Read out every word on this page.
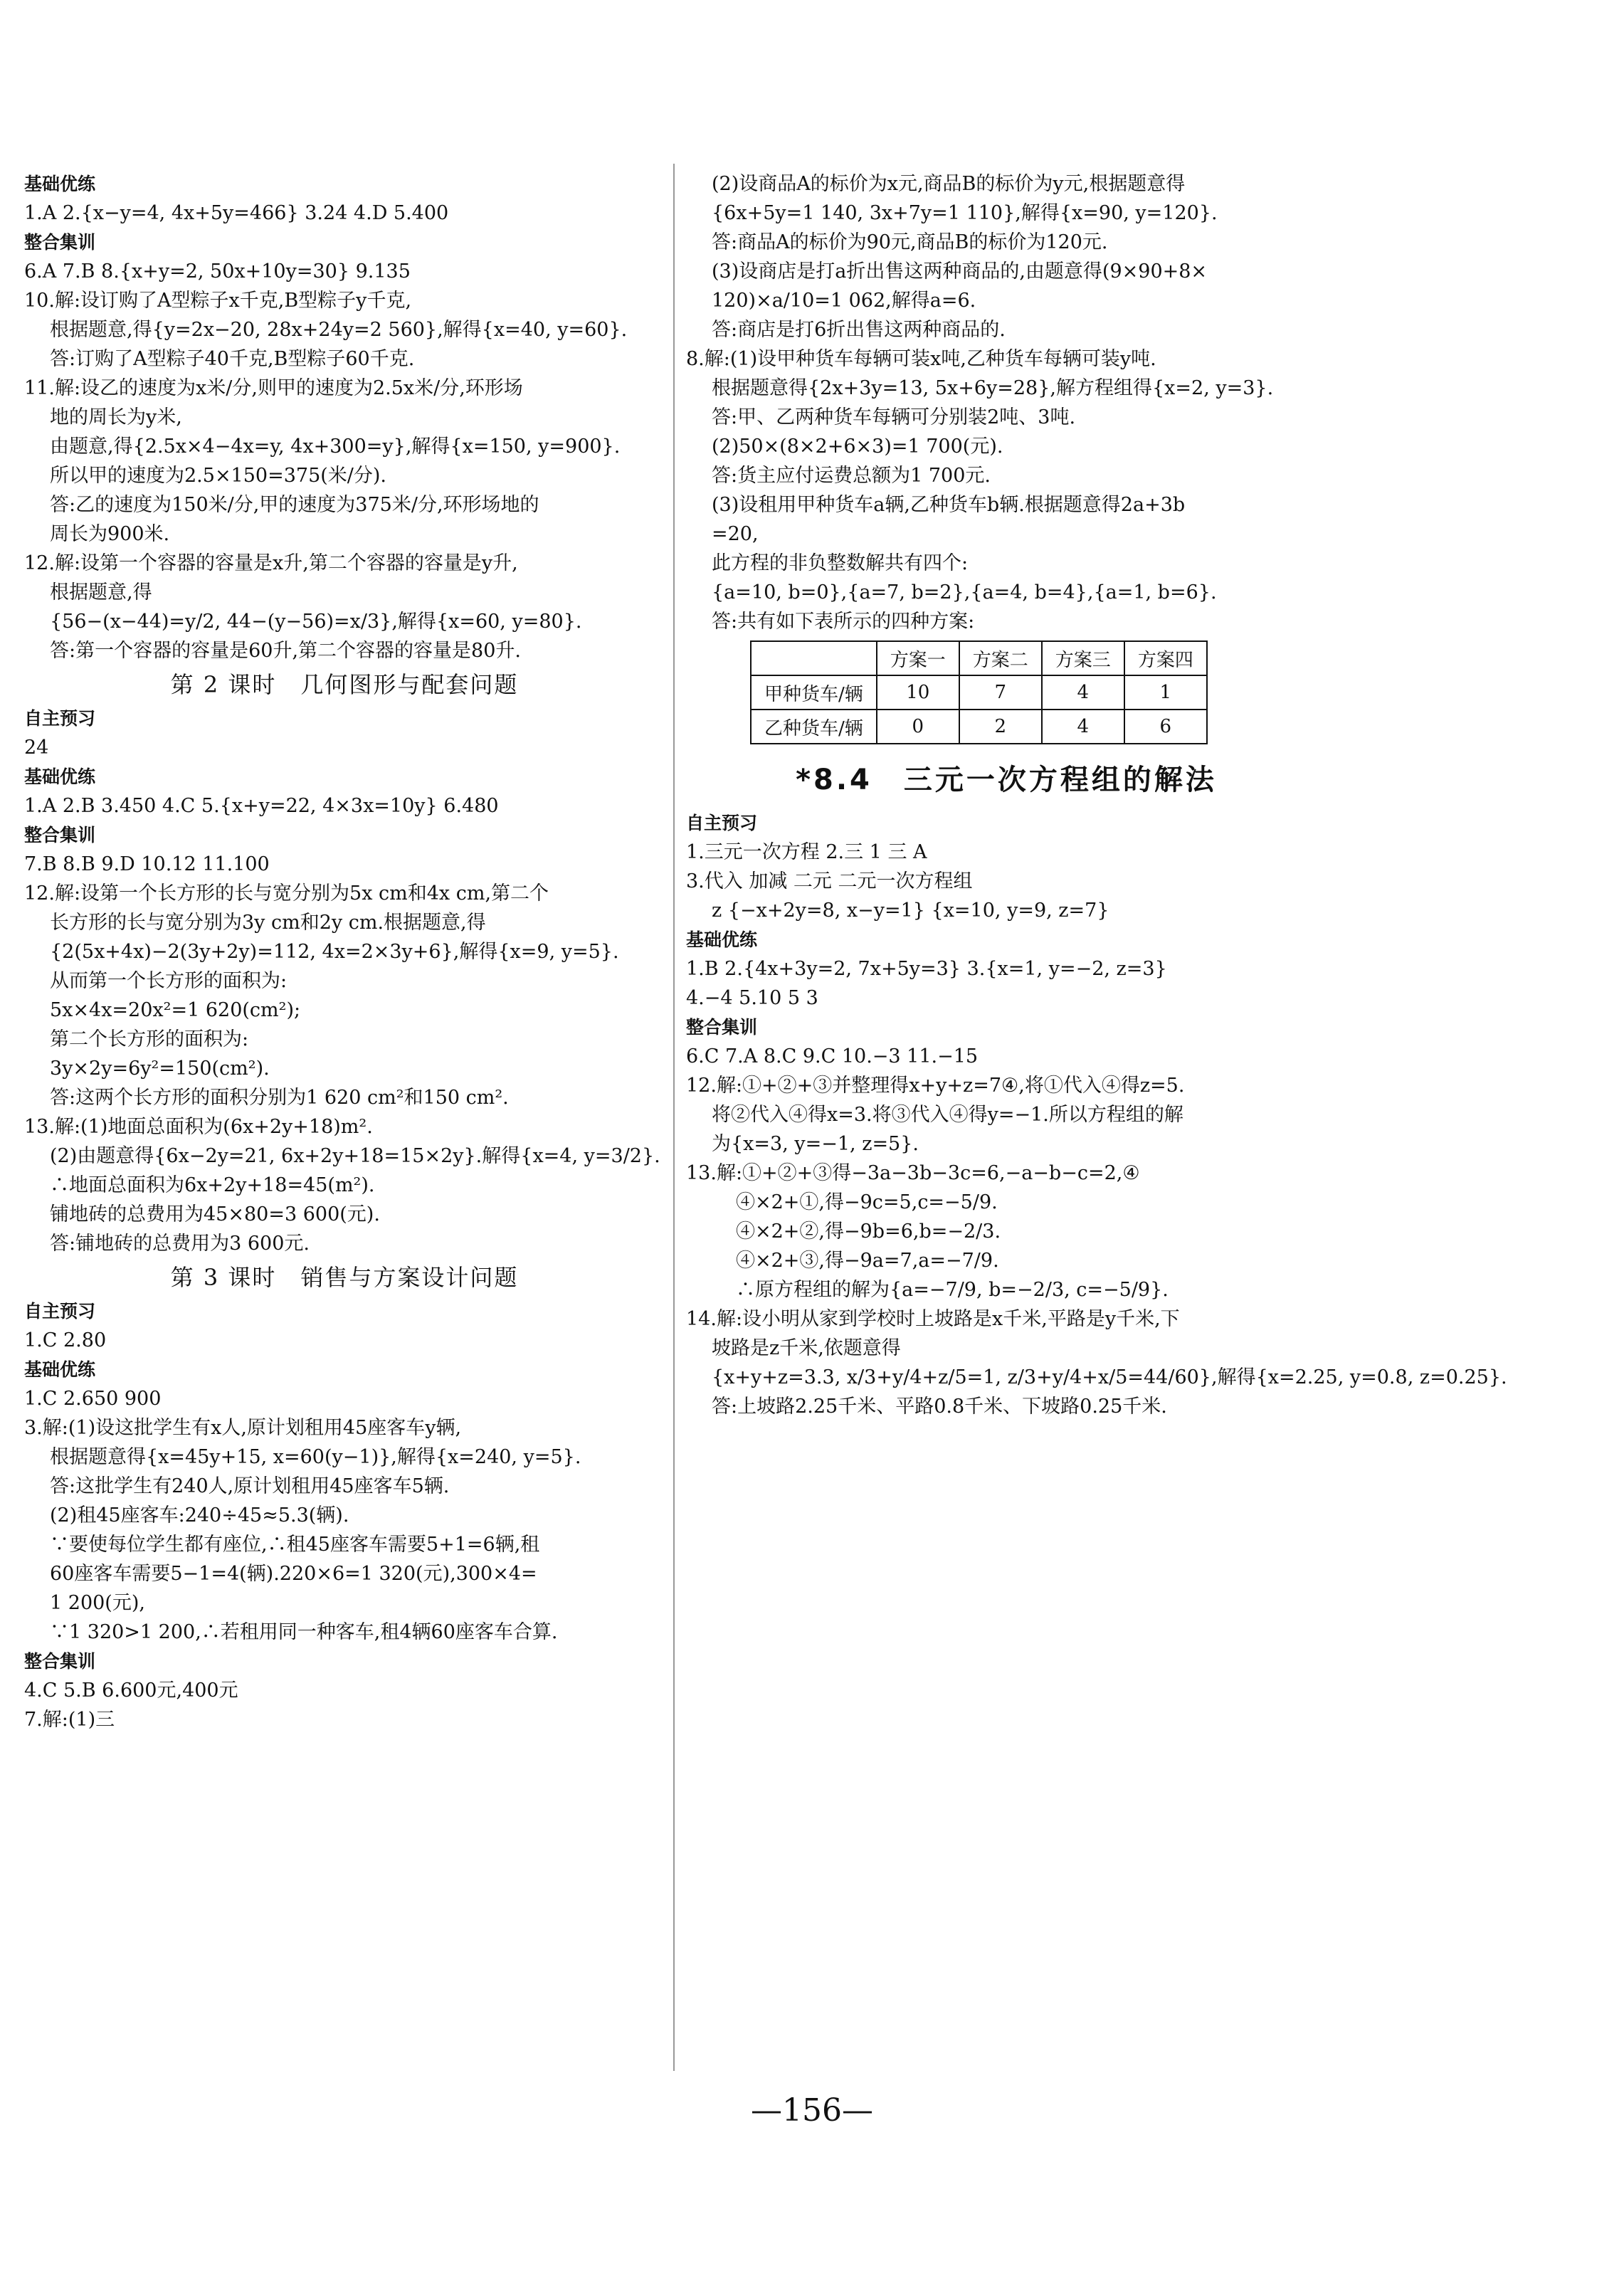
基础优练
1.A 2.{x−y=4, 4x+5y=466} 3.24 4.D 5.400
整合集训
6.A 7.B 8.{x+y=2, 50x+10y=30} 9.135
10.解:设订购了A型粽子x千克,B型粽子y千克,
根据题意,得{y=2x−20, 28x+24y=2 560},解得{x=40, y=60}.
答:订购了A型粽子40千克,B型粽子60千克.
11.解:设乙的速度为x米/分,则甲的速度为2.5x米/分,环形场
地的周长为y米,
由题意,得{2.5x×4−4x=y, 4x+300=y},解得{x=150, y=900}.
所以甲的速度为2.5×150=375(米/分).
答:乙的速度为150米/分,甲的速度为375米/分,环形场地的
周长为900米.
12.解:设第一个容器的容量是x升,第二个容器的容量是y升,
根据题意,得
{56−(x−44)=y/2, 44−(y−56)=x/3},解得{x=60, y=80}.
答:第一个容器的容量是60升,第二个容器的容量是80升.
第 2 课时　几何图形与配套问题
自主预习
24
基础优练
1.A 2.B 3.450 4.C 5.{x+y=22, 4×3x=10y} 6.480
整合集训
7.B 8.B 9.D 10.12 11.100
12.解:设第一个长方形的长与宽分别为5x cm和4x cm,第二个
长方形的长与宽分别为3y cm和2y cm.根据题意,得
{2(5x+4x)−2(3y+2y)=112, 4x=2×3y+6},解得{x=9, y=5}.
从而第一个长方形的面积为:
5x×4x=20x²=1 620(cm²);
第二个长方形的面积为:
3y×2y=6y²=150(cm²).
答:这两个长方形的面积分别为1 620 cm²和150 cm².
13.解:(1)地面总面积为(6x+2y+18)m².
(2)由题意得{6x−2y=21, 6x+2y+18=15×2y}.解得{x=4, y=3/2}.
∴地面总面积为6x+2y+18=45(m²).
铺地砖的总费用为45×80=3 600(元).
答:铺地砖的总费用为3 600元.
第 3 课时　销售与方案设计问题
自主预习
1.C 2.80
基础优练
1.C 2.650 900
3.解:(1)设这批学生有x人,原计划租用45座客车y辆,
根据题意得{x=45y+15, x=60(y−1)},解得{x=240, y=5}.
答:这批学生有240人,原计划租用45座客车5辆.
(2)租45座客车:240÷45≈5.3(辆).
∵要使每位学生都有座位,∴租45座客车需要5+1=6辆,租
60座客车需要5−1=4(辆).220×6=1 320(元),300×4=
1 200(元),
∵1 320>1 200,∴若租用同一种客车,租4辆60座客车合算.
整合集训
4.C 5.B 6.600元,400元
7.解:(1)三
(2)设商品A的标价为x元,商品B的标价为y元,根据题意得
{6x+5y=1 140, 3x+7y=1 110},解得{x=90, y=120}.
答:商品A的标价为90元,商品B的标价为120元.
(3)设商店是打a折出售这两种商品的,由题意得(9×90+8×
120)×a/10=1 062,解得a=6.
答:商店是打6折出售这两种商品的.
8.解:(1)设甲种货车每辆可装x吨,乙种货车每辆可装y吨.
根据题意得{2x+3y=13, 5x+6y=28},解方程组得{x=2, y=3}.
答:甲、乙两种货车每辆可分别装2吨、3吨.
(2)50×(8×2+6×3)=1 700(元).
答:货主应付运费总额为1 700元.
(3)设租用甲种货车a辆,乙种货车b辆.根据题意得2a+3b
=20,
此方程的非负整数解共有四个:
{a=10, b=0},{a=7, b=2},{a=4, b=4},{a=1, b=6}.
答:共有如下表所示的四种方案:
	方案一	方案二	方案三	方案四
甲种货车/辆	10	7	4	1
乙种货车/辆	0	2	4	6
*8.4　三元一次方程组的解法
自主预习
1.三元一次方程 2.三 1 三 A
3.代入 加减 二元 二元一次方程组
z {−x+2y=8, x−y=1} {x=10, y=9, z=7}
基础优练
1.B 2.{4x+3y=2, 7x+5y=3} 3.{x=1, y=−2, z=3}
4.−4 5.10 5 3
整合集训
6.C 7.A 8.C 9.C 10.−3 11.−15
12.解:①+②+③并整理得x+y+z=7④,将①代入④得z=5.
将②代入④得x=3.将③代入④得y=−1.所以方程组的解
为{x=3, y=−1, z=5}.
13.解:①+②+③得−3a−3b−3c=6,−a−b−c=2,④
④×2+①,得−9c=5,c=−5/9.
④×2+②,得−9b=6,b=−2/3.
④×2+③,得−9a=7,a=−7/9.
∴原方程组的解为{a=−7/9, b=−2/3, c=−5/9}.
14.解:设小明从家到学校时上坡路是x千米,平路是y千米,下
坡路是z千米,依题意得
{x+y+z=3.3, x/3+y/4+z/5=1, z/3+y/4+x/5=44/60},解得{x=2.25, y=0.8, z=0.25}.
答:上坡路2.25千米、平路0.8千米、下坡路0.25千米.
—156—
